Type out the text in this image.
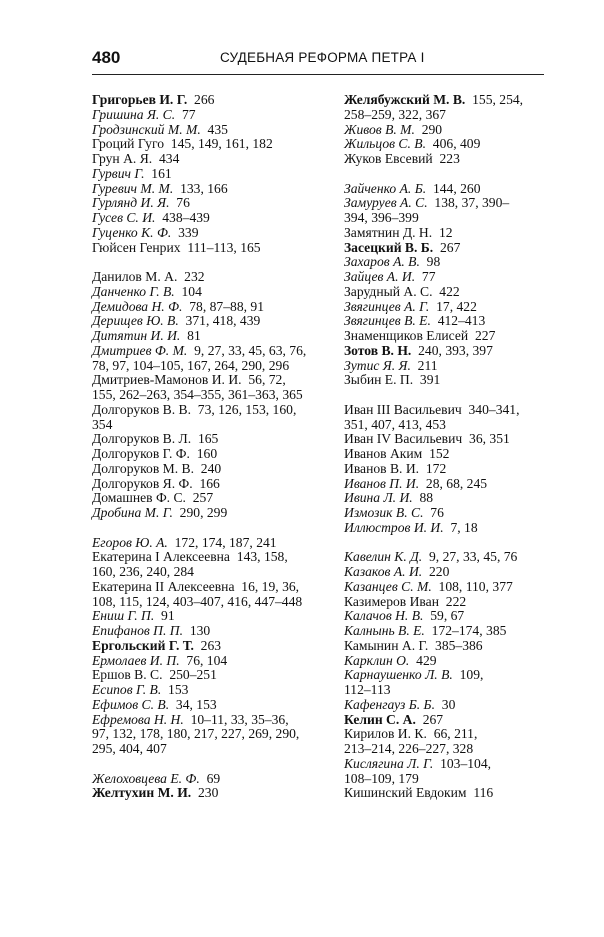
480	СУДЕБНАЯ РЕФОРМА ПЕТРА I
Григорьев И. Г.  266
Гришина Я. С.  77
Гродзинский М. М.  435
Гроций Гуго  145, 149, 161, 182
Грун А. Я.  434
Гурвич Г.  161
Гуревич М. М.  133, 166
Гурлянд И. Я.  76
Гусев С. И.  438–439
Гуценко К. Ф.  339
Гюйсен Генрих  111–113, 165
Данилов М. А.  232
Данченко Г. В.  104
Демидова Н. Ф.  78, 87–88, 91
Дерищев Ю. В.  371, 418, 439
Дитятин И. И.  81
Дмитриев Ф. М.  9, 27, 33, 45, 63, 76,
78, 97, 104–105, 167, 264, 290, 296
Дмитриев-Мамонов И. И.  56, 72,
155, 262–263, 354–355, 361–363, 365
Долгоруков В. В.  73, 126, 153, 160,
354
Долгоруков В. Л.  165
Долгоруков Г. Ф.  160
Долгоруков М. В.  240
Долгоруков Я. Ф.  166
Домашнев Ф. С.  257
Дробина М. Г.  290, 299
Егоров Ю. А.  172, 174, 187, 241
Екатерина I Алексеевна  143, 158,
160, 236, 240, 284
Екатерина II Алексеевна  16, 19, 36,
108, 115, 124, 403–407, 416, 447–448
Ениш Г. П.  91
Епифанов П. П.  130
Ергольский Г. Т.  263
Ермолаев И. П.  76, 104
Ершов В. С.  250–251
Есипов Г. В.  153
Ефимов С. В.  34, 153
Ефремова Н. Н.  10–11, 33, 35–36,
97, 132, 178, 180, 217, 227, 269, 290,
295, 404, 407
Желоховцева Е. Ф.  69
Желтухин М. И.  230
Желябужский М. В.  155, 254,
258–259, 322, 367
Живов В. М.  290
Жильцов С. В.  406, 409
Жуков Евсевий  223
Зайченко А. Б.  144, 260
Замуруев А. С.  138, 37, 390–
394, 396–399
Замятнин Д. Н.  12
Засецкий В. Б.  267
Захаров А. В.  98
Зайцев А. И.  77
Зарудный А. С.  422
Звягинцев А. Г.  17, 422
Звягинцев В. Е.  412–413
Знаменщиков Елисей  227
Зотов В. Н.  240, 393, 397
Зутис Я. Я.  211
Зыбин Е. П.  391
Иван III Васильевич  340–341,
351, 407, 413, 453
Иван IV Васильевич  36, 351
Иванов Аким  152
Иванов В. И.  172
Иванов П. И.  28, 68, 245
Ивина Л. И.  88
Измозик В. С.  76
Иллюстров И. И.  7, 18
Кавелин К. Д.  9, 27, 33, 45, 76
Казаков А. И.  220
Казанцев С. М.  108, 110, 377
Казимеров Иван  222
Калачов Н. В.  59, 67
Калнынь В. Е.  172–174, 385
Камынин А. Г.  385–386
Карклин О.  429
Карнаушенко Л. В.  109,
112–113
Кафенгауз Б. Б.  30
Келин С. А.  267
Кирилов И. К.  66, 211,
213–214, 226–227, 328
Кислягина Л. Г.  103–104,
108–109, 179
Кишинский Евдоким  116
